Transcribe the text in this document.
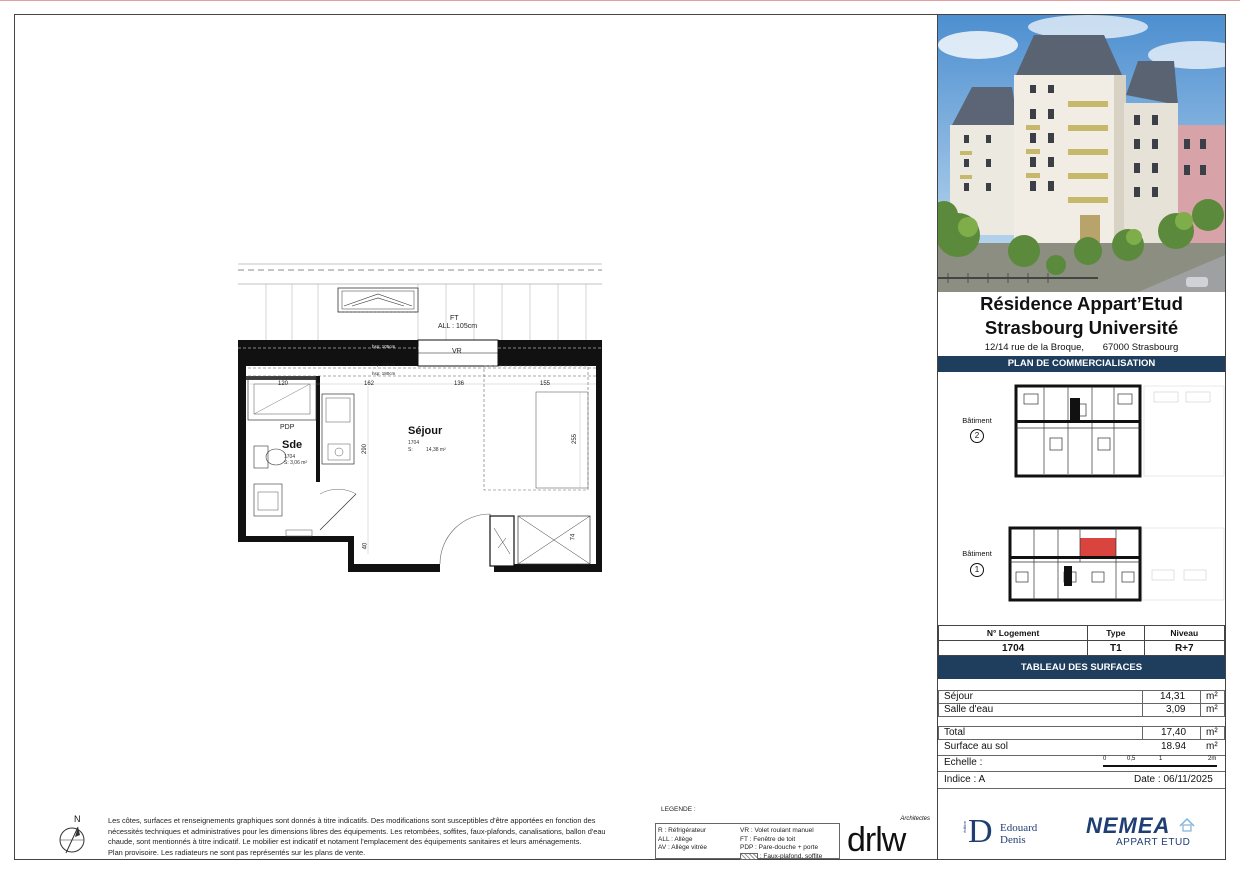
FT
ALL : 105cm
VR
hsp: 105cm
hsp: 130cm
hsp: 180cm
120	162	136	155
290
255
40
74
PDP
Sde
1704
S: 3,06 m²
Séjour
1704
S:	14,38 m²
N	Les côtes, surfaces et renseignements graphiques sont donnés à titre indicatifs. Des modifications sont susceptibles d'être apportées en fonction des
nécessités techniques et administratives pour les dimensions libres des équipements. Les retombées, soffites, faux-plafonds, canalisations, ballon d'eau
chaude, sont mentionnés à titre indicatif. Le mobilier est indicatif et notament l'emplacement des équipements sanitaires et leurs aménagements.
Plan provisoire. Les radiateurs ne sont pas représentés sur les plans de vente.
LEGENDE :
R : Réfrigérateur
ALL : Allège
AV : Allège vitrée
VR : Volet roulant manuel
FT : Fenêtre de toit
PDP : Pare-douche + porte
: Faux-plafond, soffite
Architectes
drlw
Résidence Appart’Etud
Strasbourg Université
12/14 rue de la Broque, 67000 Strasbourg
PLAN DE COMMERCIALISATION
Bâtiment
2
Bâtiment
1
N° Logement	Type	Niveau
1704	T1	R+7
TABLEAU DES SURFACES
Séjour	14,31 m²
Salle d'eau	3,09 m²
Total	17,40 m²
Surface au sol	18.94 m²
Echelle :	0	0,5	1	2m
Indice : A	Date : 06/11/2025
D
édition	Edouard
Denis
NEMEA
APPART ETUD
